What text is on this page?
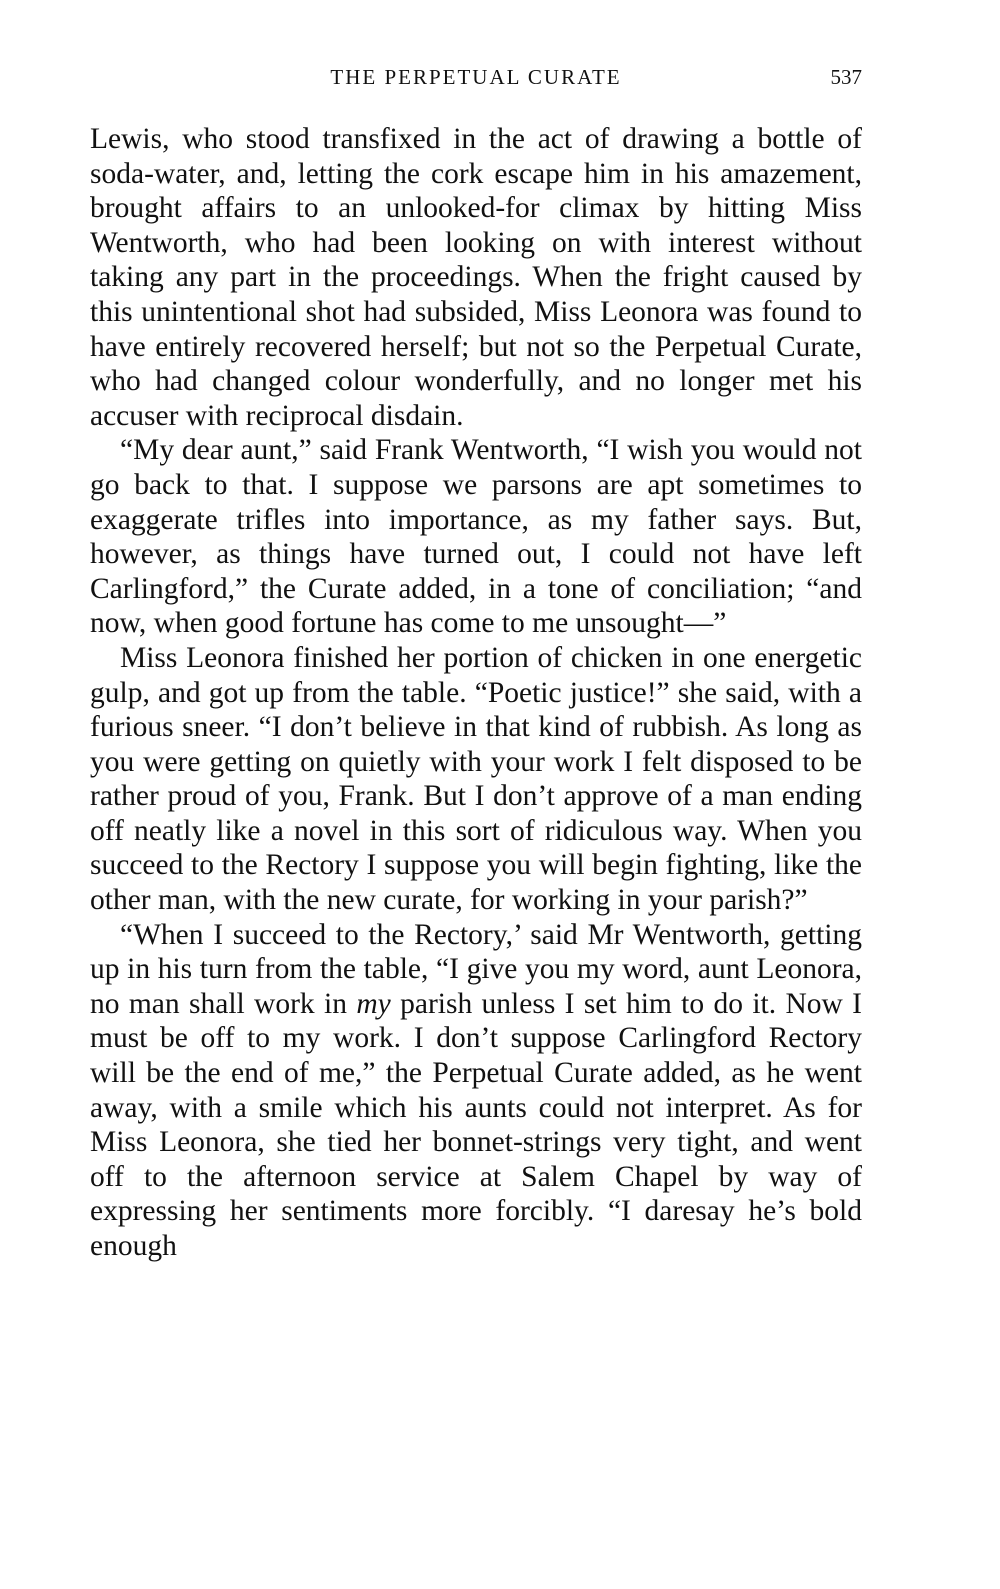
THE PERPETUAL CURATE	537

Lewis, who stood transfixed in the act of drawing a bottle of soda-water, and, letting the cork escape him in his amazement, brought affairs to an unlooked-for climax by hitting Miss Wentworth, who had been looking on with interest without taking any part in the proceedings. When the fright caused by this unintentional shot had subsided, Miss Leonora was found to have entirely recovered herself; but not so the Perpetual Curate, who had changed colour wonderfully, and no longer met his accuser with reciprocal disdain.

“My dear aunt,” said Frank Wentworth, “I wish you would not go back to that. I suppose we parsons are apt sometimes to exaggerate trifles into importance, as my father says. But, however, as things have turned out, I could not have left Carlingford,” the Curate added, in a tone of conciliation; “and now, when good fortune has come to me unsought—”

Miss Leonora finished her portion of chicken in one energetic gulp, and got up from the table. “Poetic justice!” she said, with a furious sneer. “I don’t believe in that kind of rubbish. As long as you were getting on quietly with your work I felt disposed to be rather proud of you, Frank. But I don’t approve of a man ending off neatly like a novel in this sort of ridiculous way. When you succeed to the Rectory I suppose you will begin fighting, like the other man, with the new curate, for working in your parish?”

“When I succeed to the Rectory,’ said Mr Wentworth, getting up in his turn from the table, “I give you my word, aunt Leonora, no man shall work in my parish unless I set him to do it. Now I must be off to my work. I don’t suppose Carlingford Rectory will be the end of me,” the Perpetual Curate added, as he went away, with a smile which his aunts could not interpret. As for Miss Leonora, she tied her bonnet-strings very tight, and went off to the afternoon service at Salem Chapel by way of expressing her sentiments more forcibly. “I daresay he’s bold enough
